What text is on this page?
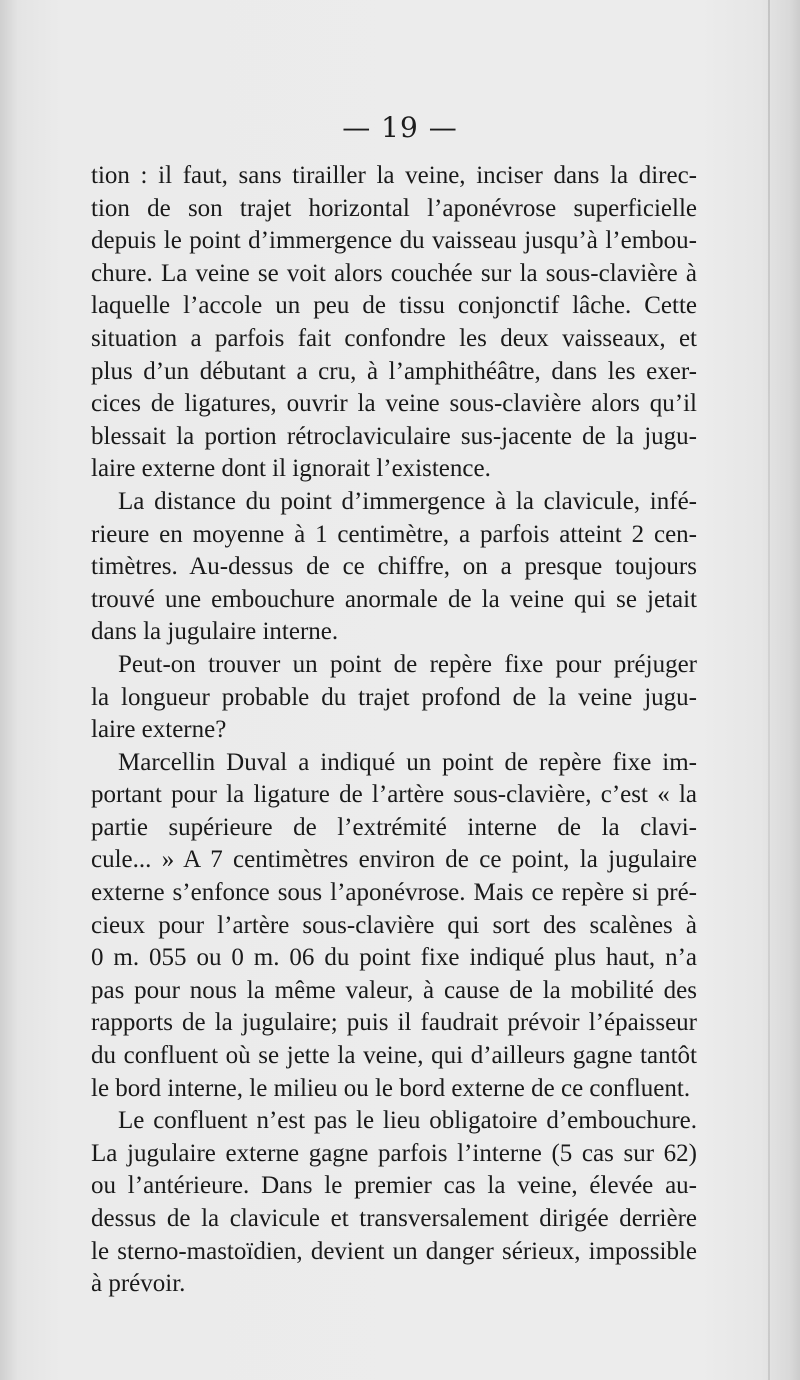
— 19 —
tion : il faut, sans tirailler la veine, inciser dans la direc-
tion de son trajet horizontal l’aponévrose superficielle
depuis le point d’immergence du vaisseau jusqu’à l’embou-
chure. La veine se voit alors couchée sur la sous-clavière à
laquelle l’accole un peu de tissu conjonctif lâche. Cette
situation a parfois fait confondre les deux vaisseaux, et
plus d’un débutant a cru, à l’amphithéâtre, dans les exer-
cices de ligatures, ouvrir la veine sous-clavière alors qu’il
blessait la portion rétroclaviculaire sus-jacente de la jugu-
laire externe dont il ignorait l’existence.
La distance du point d’immergence à la clavicule, infé-
rieure en moyenne à 1 centimètre, a parfois atteint 2 cen-
timètres. Au-dessus de ce chiffre, on a presque toujours
trouvé une embouchure anormale de la veine qui se jetait
dans la jugulaire interne.
Peut-on trouver un point de repère fixe pour préjuger
la longueur probable du trajet profond de la veine jugu-
laire externe?
Marcellin Duval a indiqué un point de repère fixe im-
portant pour la ligature de l’artère sous-clavière, c’est « la
partie supérieure de l’extrémité interne de la clavi-
cule... » A 7 centimètres environ de ce point, la jugulaire
externe s’enfonce sous l’aponévrose. Mais ce repère si pré-
cieux pour l’artère sous-clavière qui sort des scalènes à
0 m. 055 ou 0 m. 06 du point fixe indiqué plus haut, n’a
pas pour nous la même valeur, à cause de la mobilité des
rapports de la jugulaire; puis il faudrait prévoir l’épaisseur
du confluent où se jette la veine, qui d’ailleurs gagne tantôt
le bord interne, le milieu ou le bord externe de ce confluent.
Le confluent n’est pas le lieu obligatoire d’embouchure.
La jugulaire externe gagne parfois l’interne (5 cas sur 62)
ou l’antérieure. Dans le premier cas la veine, élevée au-
dessus de la clavicule et transversalement dirigée derrière
le sterno-mastoïdien, devient un danger sérieux, impossible
à prévoir.
